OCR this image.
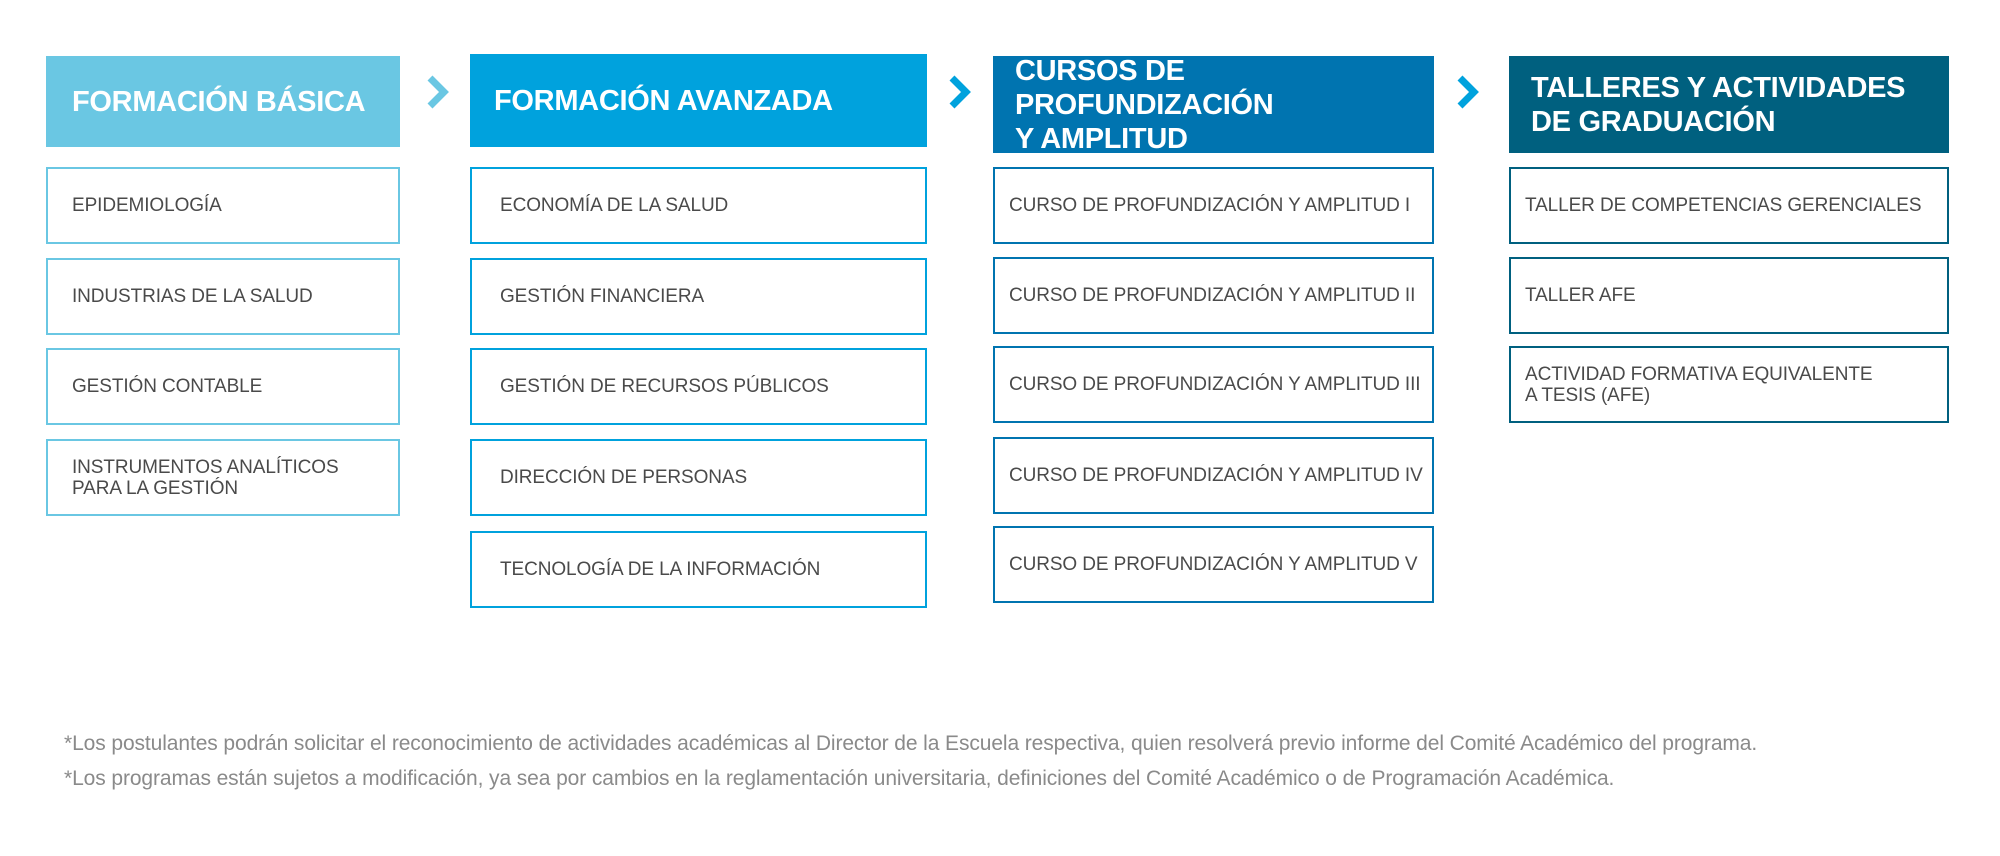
FORMACIÓN BÁSICA
EPIDEMIOLOGÍA
INDUSTRIAS DE LA SALUD
GESTIÓN CONTABLE
INSTRUMENTOS ANALÍTICOS
PARA LA GESTIÓN
FORMACIÓN AVANZADA
ECONOMÍA DE LA SALUD
GESTIÓN FINANCIERA
GESTIÓN DE RECURSOS PÚBLICOS
DIRECCIÓN DE PERSONAS
TECNOLOGÍA DE LA INFORMACIÓN
CURSOS DE PROFUNDIZACIÓN
Y AMPLITUD
CURSO DE PROFUNDIZACIÓN Y AMPLITUD I
CURSO DE PROFUNDIZACIÓN Y AMPLITUD II
CURSO DE PROFUNDIZACIÓN Y AMPLITUD III
CURSO DE PROFUNDIZACIÓN Y AMPLITUD IV
CURSO DE PROFUNDIZACIÓN Y AMPLITUD V
TALLERES Y ACTIVIDADES
DE GRADUACIÓN
TALLER DE COMPETENCIAS GERENCIALES
TALLER AFE
ACTIVIDAD FORMATIVA EQUIVALENTE
A TESIS (AFE)
*Los postulantes podrán solicitar el reconocimiento de actividades académicas al Director de la Escuela respectiva, quien resolverá previo informe del Comité Académico del programa.
*Los programas están sujetos a modificación, ya sea por cambios en la reglamentación universitaria, definiciones del Comité Académico o de Programación Académica.
